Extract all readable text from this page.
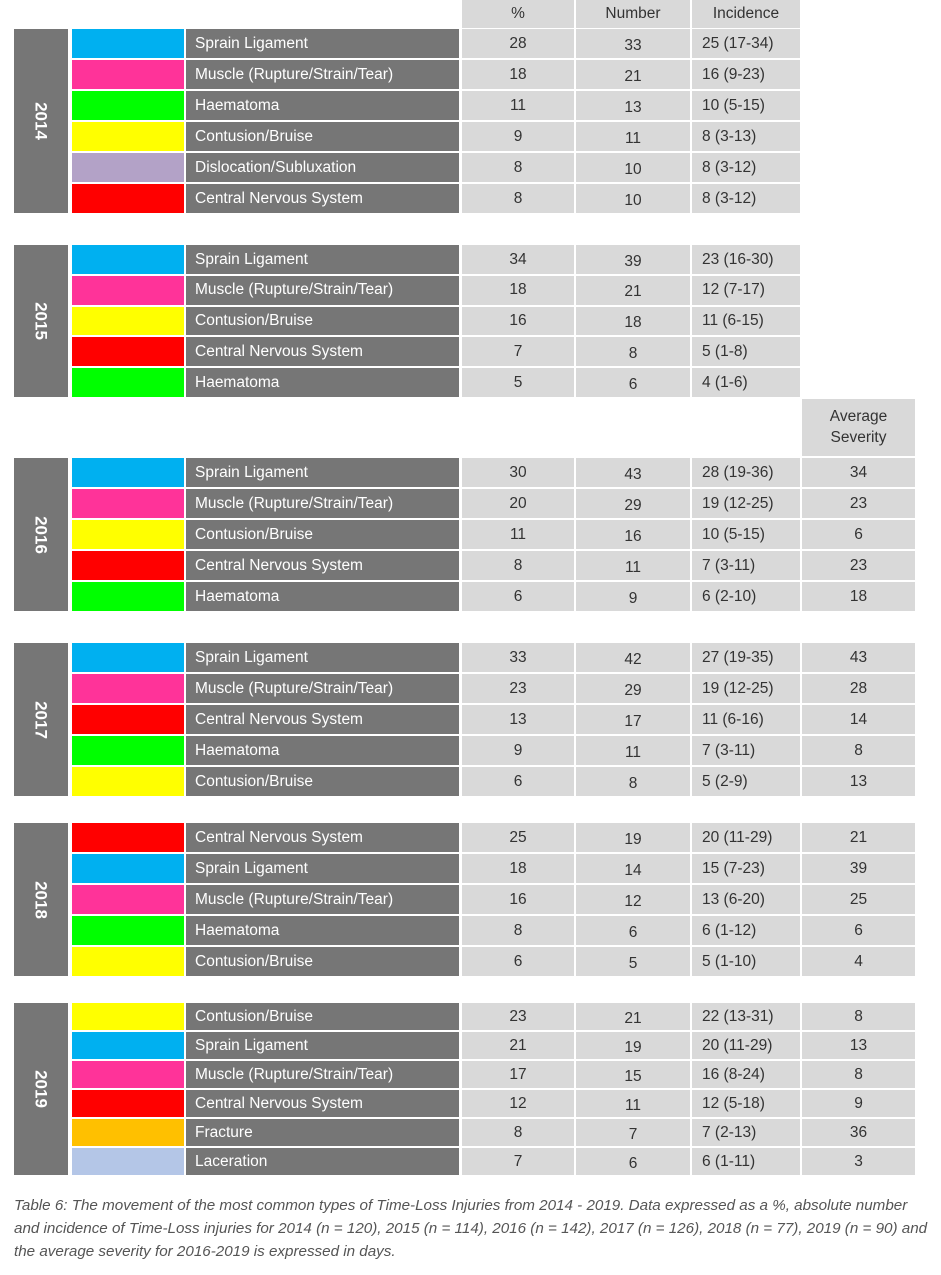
%	Number	Incidence
Average
Severity
2014
Sprain Ligament	28	33	25 (17-34)
Muscle (Rupture/Strain/Tear)	18	21	16 (9-23)
Haematoma	11	13	10 (5-15)
Contusion/Bruise	9	11	8 (3-13)
Dislocation/Subluxation	8	10	8 (3-12)
Central Nervous System	8	10	8 (3-12)
2015
Sprain Ligament	34	39	23 (16-30)
Muscle (Rupture/Strain/Tear)	18	21	12 (7-17)
Contusion/Bruise	16	18	11 (6-15)
Central Nervous System	7	8	5 (1-8)
Haematoma	5	6	4 (1-6)
2016
Sprain Ligament	30	43	28 (19-36)	34
Muscle (Rupture/Strain/Tear)	20	29	19 (12-25)	23
Contusion/Bruise	11	16	10 (5-15)	6
Central Nervous System	8	11	7 (3-11)	23
Haematoma	6	9	6 (2-10)	18
2017
Sprain Ligament	33	42	27 (19-35)	43
Muscle (Rupture/Strain/Tear)	23	29	19 (12-25)	28
Central Nervous System	13	17	11 (6-16)	14
Haematoma	9	11	7 (3-11)	8
Contusion/Bruise	6	8	5 (2-9)	13
2018
Central Nervous System	25	19	20 (11-29)	21
Sprain Ligament	18	14	15 (7-23)	39
Muscle (Rupture/Strain/Tear)	16	12	13 (6-20)	25
Haematoma	8	6	6 (1-12)	6
Contusion/Bruise	6	5	5 (1-10)	4
2019
Contusion/Bruise	23	21	22 (13-31)	8
Sprain Ligament	21	19	20 (11-29)	13
Muscle (Rupture/Strain/Tear)	17	15	16 (8-24)	8
Central Nervous System	12	11	12 (5-18)	9
Fracture	8	7	7 (2-13)	36
Laceration	7	6	6 (1-11)	3

Table 6: The movement of the most common types of Time-Loss Injuries from 2014 - 2019. Data expressed as a %, absolute number and incidence of Time-Loss injuries for 2014 (n = 120), 2015 (n = 114), 2016 (n = 142), 2017 (n = 126), 2018 (n = 77), 2019 (n = 90) and the average severity for 2016-2019 is expressed in days.
